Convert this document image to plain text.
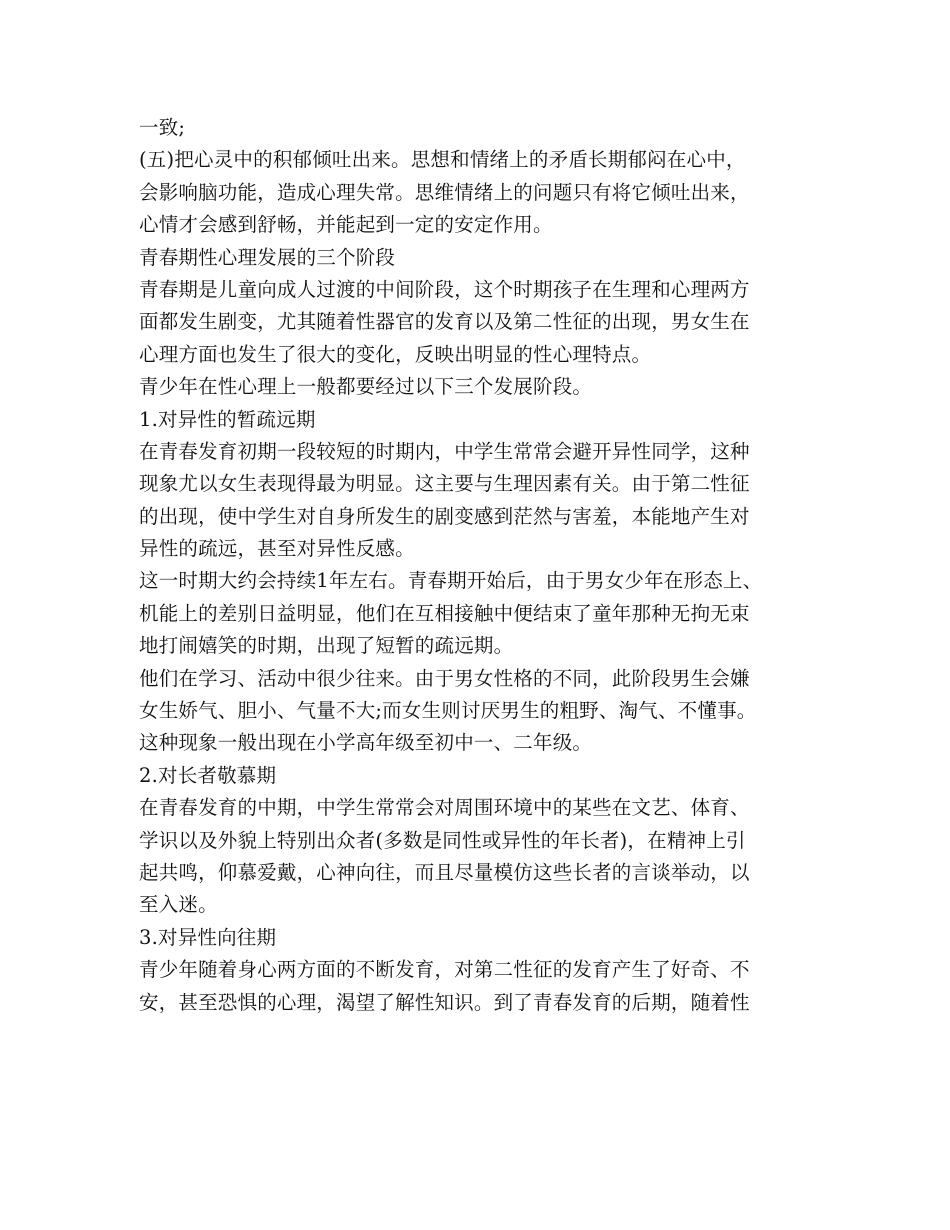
一致;
(五)把心灵中的积郁倾吐出来。思想和情绪上的矛盾长期郁闷在心中，
会影响脑功能，造成心理失常。思维情绪上的问题只有将它倾吐出来，
心情才会感到舒畅，并能起到一定的安定作用。
青春期性心理发展的三个阶段
青春期是儿童向成人过渡的中间阶段，这个时期孩子在生理和心理两方
面都发生剧变，尤其随着性器官的发育以及第二性征的出现，男女生在
心理方面也发生了很大的变化，反映出明显的性心理特点。
青少年在性心理上一般都要经过以下三个发展阶段。
1.对异性的暂疏远期
在青春发育初期一段较短的时期内，中学生常常会避开异性同学，这种
现象尤以女生表现得最为明显。这主要与生理因素有关。由于第二性征
的出现，使中学生对自身所发生的剧变感到茫然与害羞，本能地产生对
异性的疏远，甚至对异性反感。
这一时期大约会持续1年左右。青春期开始后，由于男女少年在形态上、
机能上的差别日益明显，他们在互相接触中便结束了童年那种无拘无束
地打闹嬉笑的时期，出现了短暂的疏远期。
他们在学习、活动中很少往来。由于男女性格的不同，此阶段男生会嫌
女生娇气、胆小、气量不大;而女生则讨厌男生的粗野、淘气、不懂事。
这种现象一般出现在小学高年级至初中一、二年级。
2.对长者敬慕期
在青春发育的中期，中学生常常会对周围环境中的某些在文艺、体育、
学识以及外貌上特别出众者(多数是同性或异性的年长者)，在精神上引
起共鸣，仰慕爱戴，心神向往，而且尽量模仿这些长者的言谈举动，以
至入迷。
3.对异性向往期
青少年随着身心两方面的不断发育，对第二性征的发育产生了好奇、不
安，甚至恐惧的心理，渴望了解性知识。到了青春发育的后期，随着性
